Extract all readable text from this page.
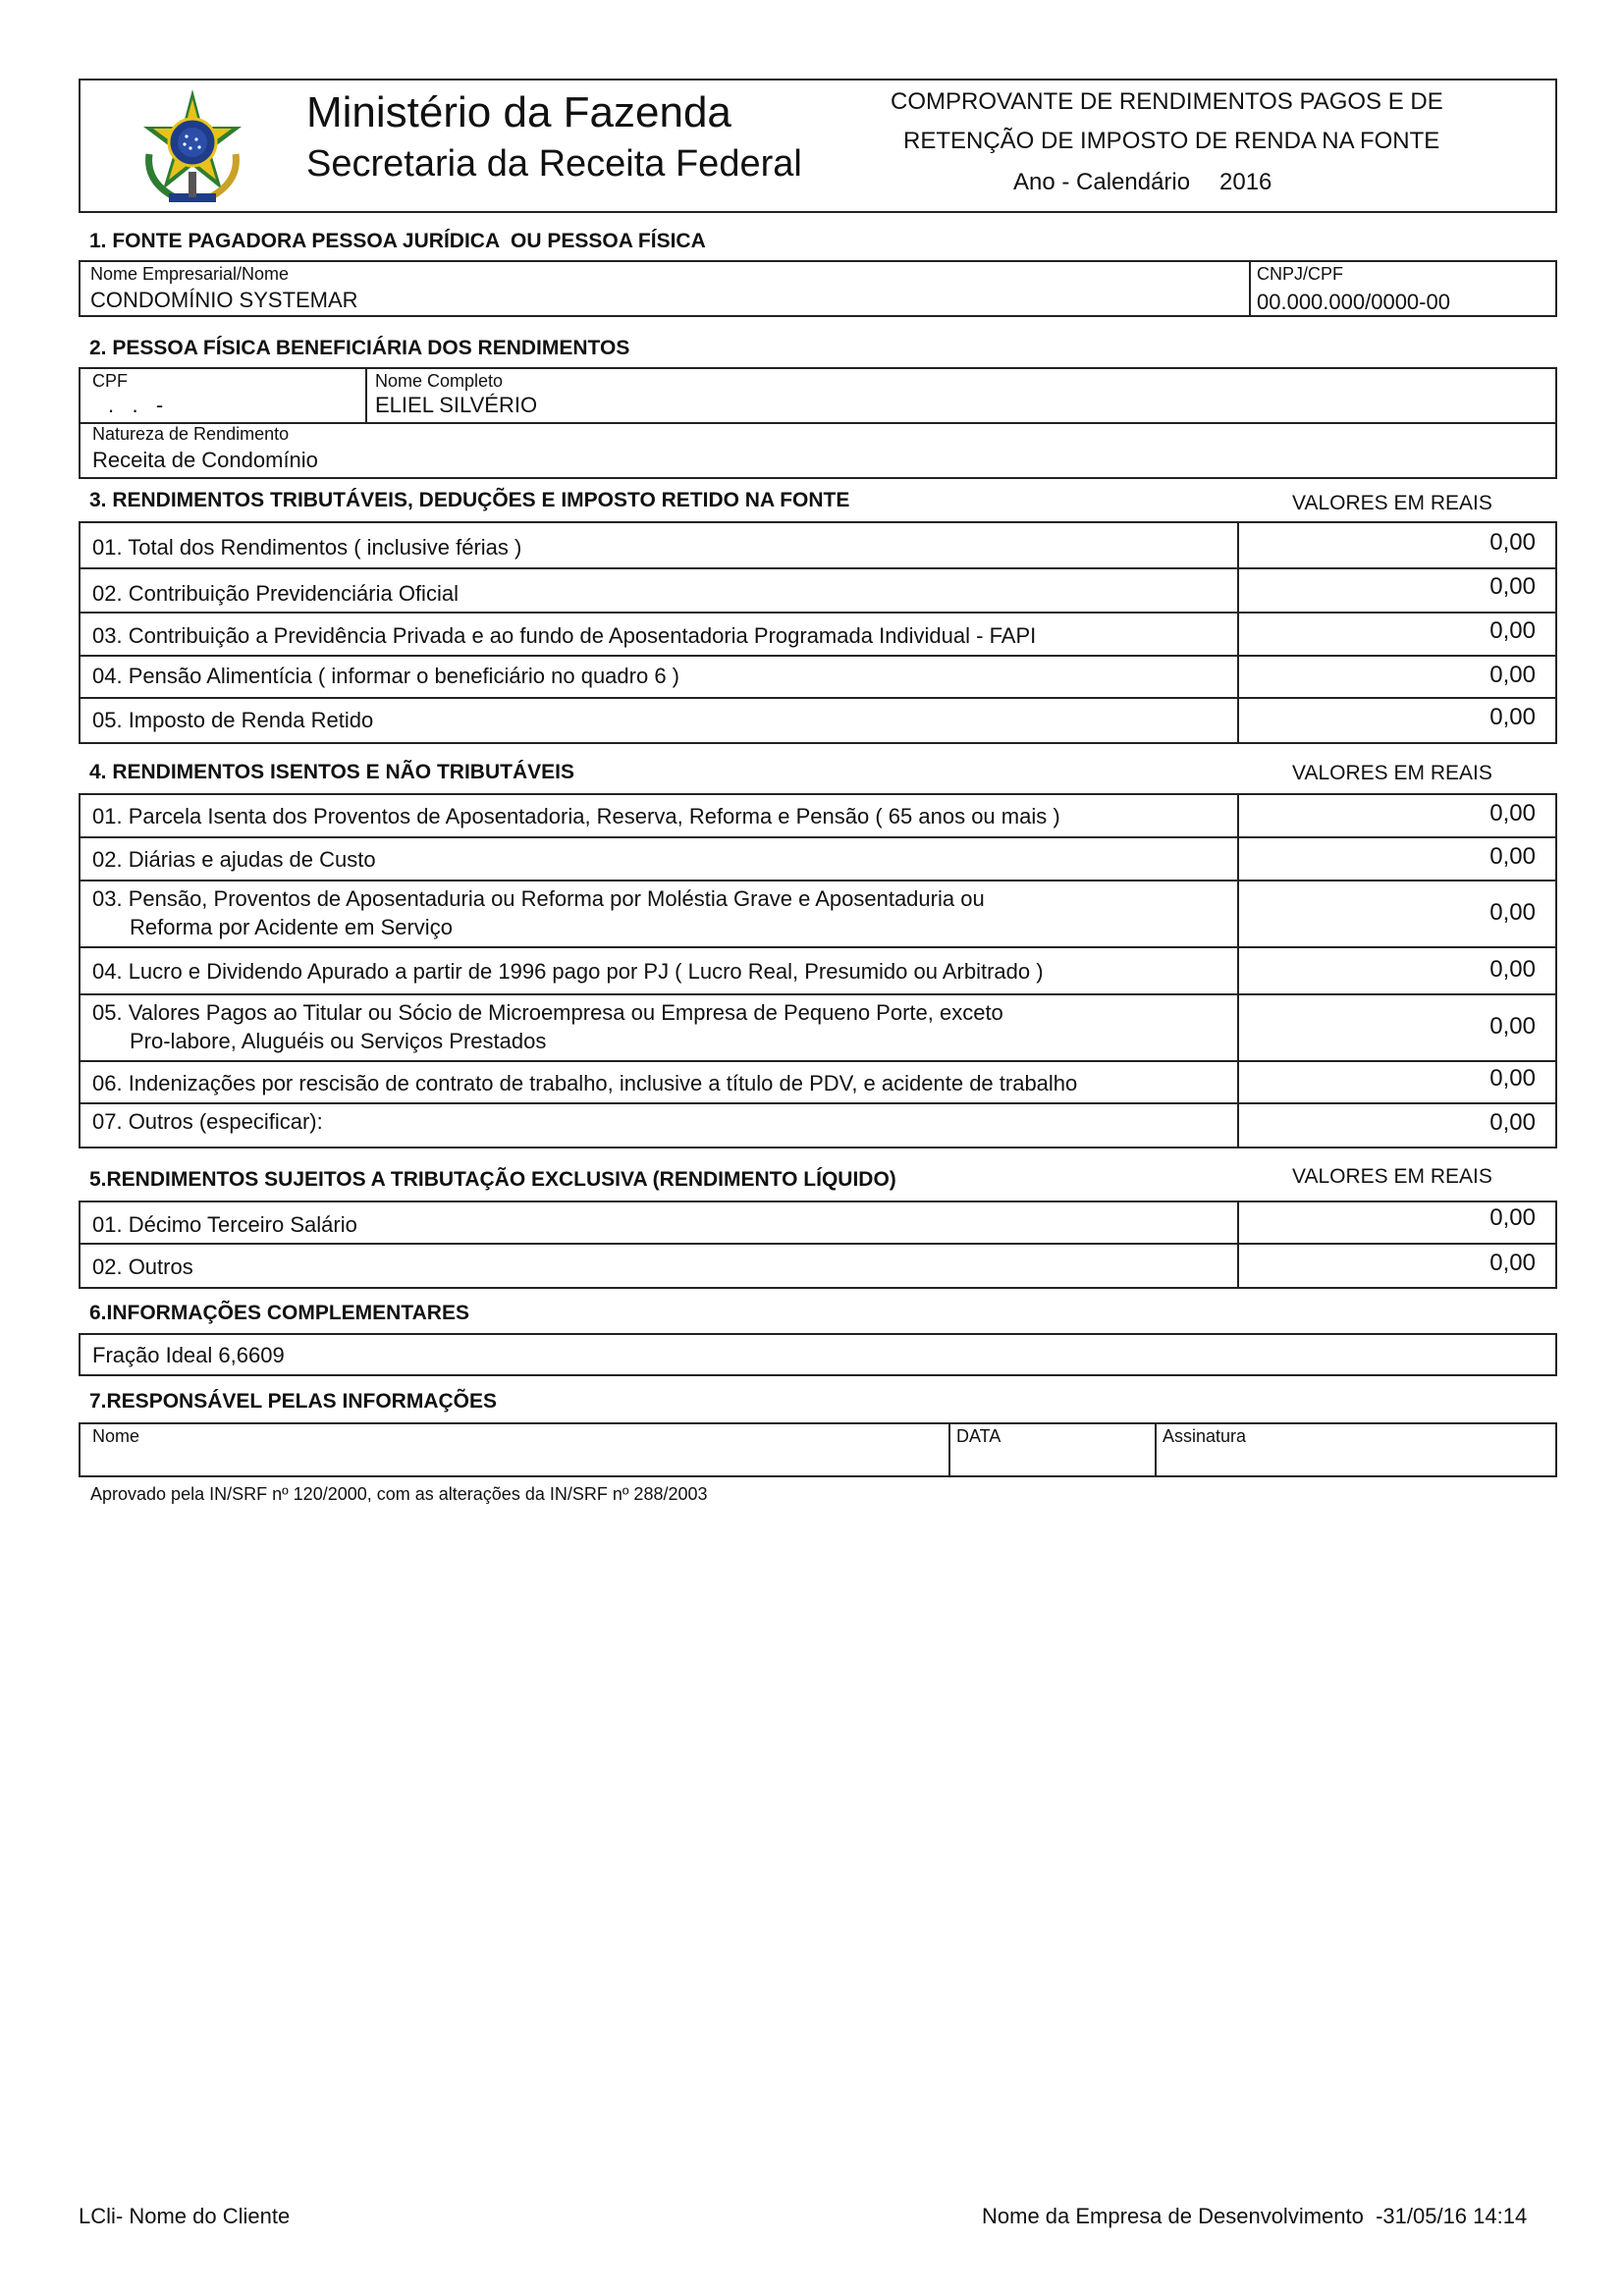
Ministério da Fazenda
Secretaria da Receita Federal
COMPROVANTE DE RENDIMENTOS PAGOS E DE
RETENÇÃO DE IMPOSTO DE RENDA NA FONTE
Ano - Calendário 2016
1. FONTE PAGADORA PESSOA JURÍDICA  OU PESSOA FÍSICA
Nome Empresarial/Nome
CONDOMÍNIO SYSTEMAR
CNPJ/CPF
00.000.000/0000-00
2. PESSOA FÍSICA BENEFICIÁRIA DOS RENDIMENTOS
CPF
.   .   -
Nome Completo
ELIEL SILVÉRIO
Natureza de Rendimento
Receita de Condomínio
3. RENDIMENTOS TRIBUTÁVEIS, DEDUÇÕES E IMPOSTO RETIDO NA FONTE	VALORES EM REAIS
01. Total dos Rendimentos ( inclusive férias )	0,00
02. Contribuição Previdenciária Oficial	0,00
03. Contribuição a Previdência Privada e ao fundo de Aposentadoria Programada Individual - FAPI	0,00
04. Pensão Alimentícia ( informar o beneficiário no quadro 6 )	0,00
05. Imposto de Renda Retido	0,00
4. RENDIMENTOS ISENTOS E NÃO TRIBUTÁVEIS	VALORES EM REAIS
01. Parcela Isenta dos Proventos de Aposentadoria, Reserva, Reforma e Pensão ( 65 anos ou mais )	0,00
02. Diárias e ajudas de Custo	0,00
03. Pensão, Proventos de Aposentaduria ou Reforma por Moléstia Grave e Aposentaduria ou
Reforma por Acidente em Serviço
0,00
04. Lucro e Dividendo Apurado a partir de 1996 pago por PJ ( Lucro Real, Presumido ou Arbitrado )	0,00
05. Valores Pagos ao Titular ou Sócio de Microempresa ou Empresa de Pequeno Porte, exceto
Pro-labore, Aluguéis ou Serviços Prestados
0,00
06. Indenizações por rescisão de contrato de trabalho, inclusive a título de PDV, e acidente de trabalho	0,00
07. Outros (especificar):	0,00
5.RENDIMENTOS SUJEITOS A TRIBUTAÇÃO EXCLUSIVA (RENDIMENTO LÍQUIDO)	VALORES EM REAIS
01. Décimo Terceiro Salário	0,00
02. Outros	0,00
6.INFORMAÇÕES COMPLEMENTARES
Fração Ideal 6,6609
7.RESPONSÁVEL PELAS INFORMAÇÕES
Nome	DATA	Assinatura
Aprovado pela IN/SRF nº 120/2000, com as alterações da IN/SRF nº 288/2003
LCli- Nome do Cliente	Nome da Empresa de Desenvolvimento  -31/05/16 14:14
